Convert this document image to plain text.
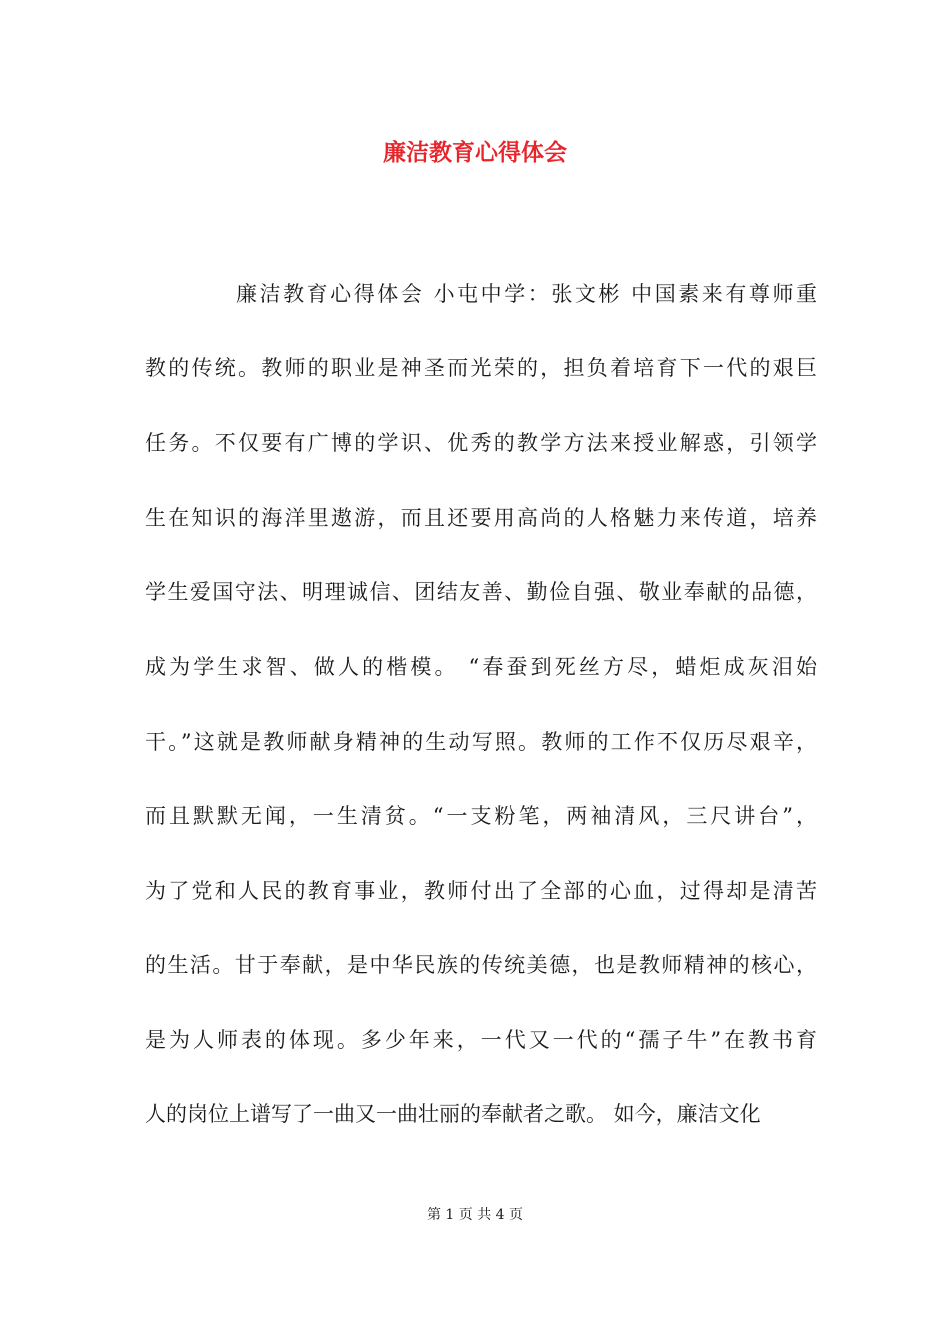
廉洁教育心得体会
廉洁教育心得体会 小屯中学：张文彬 中国素来有尊师重
教的传统。教师的职业是神圣而光荣的，担负着培育下一代的艰巨
任务。不仅要有广博的学识、优秀的教学方法来授业解惑，引领学
生在知识的海洋里遨游，而且还要用高尚的人格魅力来传道，培养
学生爱国守法、明理诚信、团结友善、勤俭自强、敬业奉献的品德，
成为学生求智、做人的楷模。 “春蚕到死丝方尽，蜡炬成灰泪始
干。”这就是教师献身精神的生动写照。教师的工作不仅历尽艰辛，
而且默默无闻，一生清贫。“一支粉笔，两袖清风，三尺讲台”，
为了党和人民的教育事业，教师付出了全部的心血，过得却是清苦
的生活。甘于奉献，是中华民族的传统美德，也是教师精神的核心，
是为人师表的体现。多少年来，一代又一代的“孺子牛”在教书育
人的岗位上谱写了一曲又一曲壮丽的奉献者之歌。 如今，廉洁文化
第 1 页 共 4 页
